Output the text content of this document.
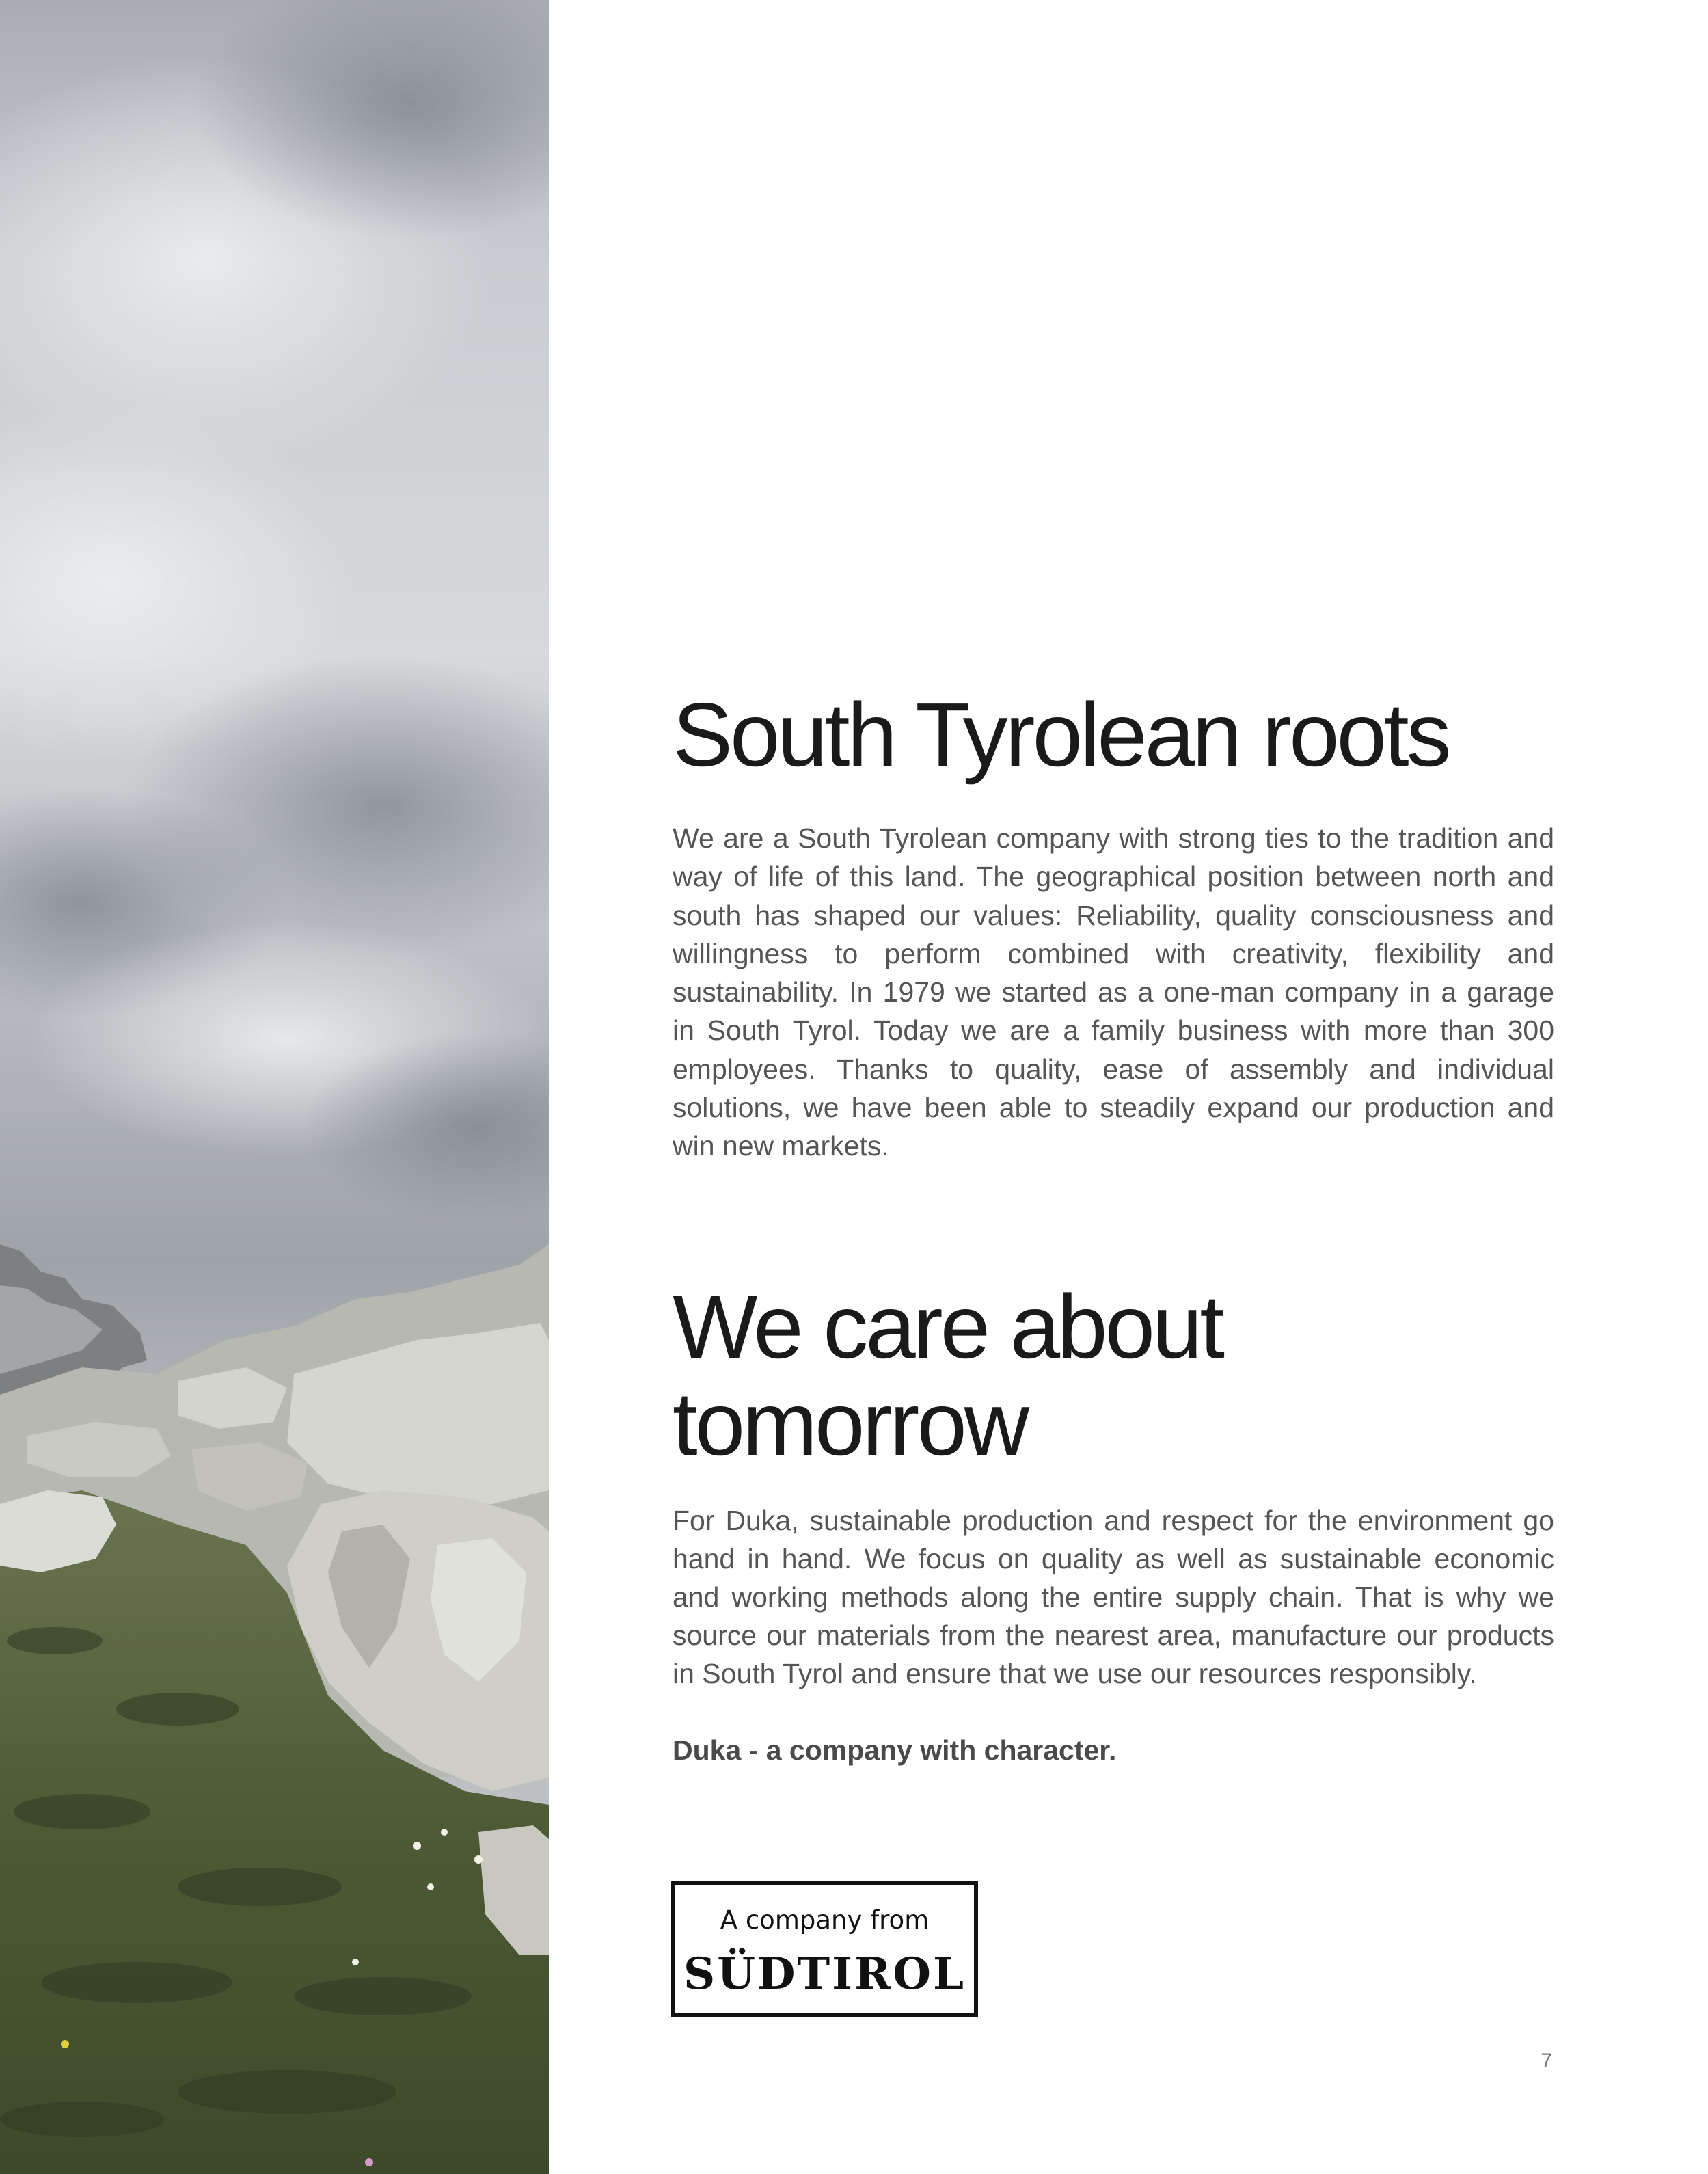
South Tyrolean roots

We are a South Tyrolean company with strong ties to the tradition and way of life of this land. The geographical position between north and south has shaped our values: Reliability, quality consciousness and willingness to perform combined with creativity, flexibility and sustainability. In 1979 we started as a one-man company in a garage in South Tyrol. Today we are a family business with more than 300 employees. Thanks to quality, ease of assembly and individual solutions, we have been able to steadily expand our production and win new markets.

We care about tomorrow

For Duka, sustainable production and respect for the environment go hand in hand. We focus on quality as well as sustainable economic and working methods along the entire supply chain. That is why we source our materials from the nearest area, manufacture our products in South Tyrol and ensure that we use our resources responsibly.

Duka - a company with character.

A company from
SÜDTIROL

7
